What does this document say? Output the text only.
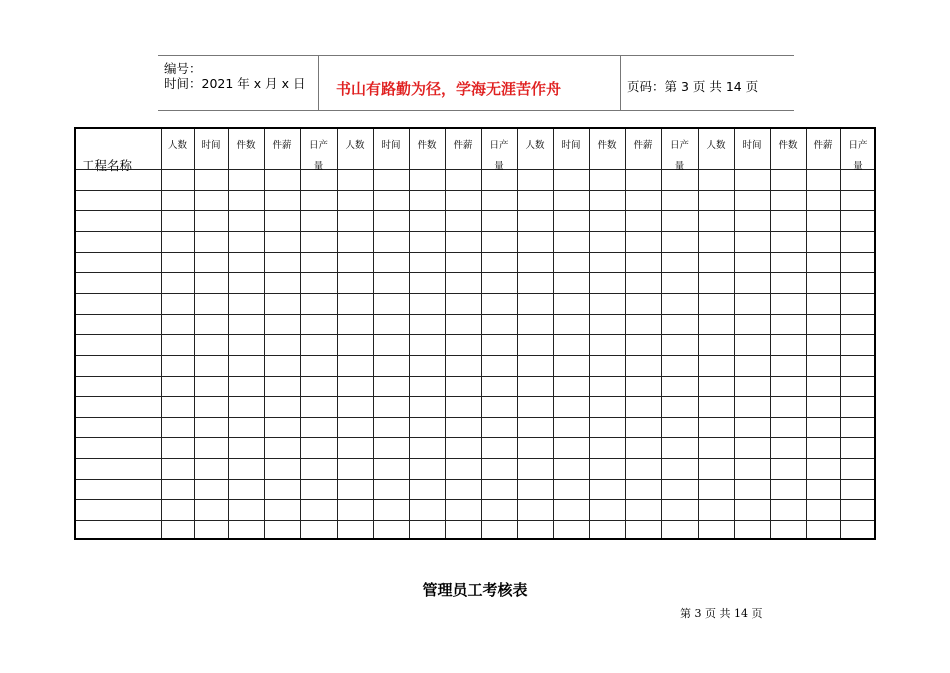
编号：
时间：2021 年 x 月 x 日 书山有路勤为径，学海无涯苦作舟	页码：第 3 页 共 14 页
工程名称
人数 时间 件数 件薪 日产
量
人数 时间 件数 件薪 日产
量
人数 时间 件数 件薪 日产
量
人数 时间 件数 件薪 日产
量
管理员工考核表
第 3 页 共 14 页
